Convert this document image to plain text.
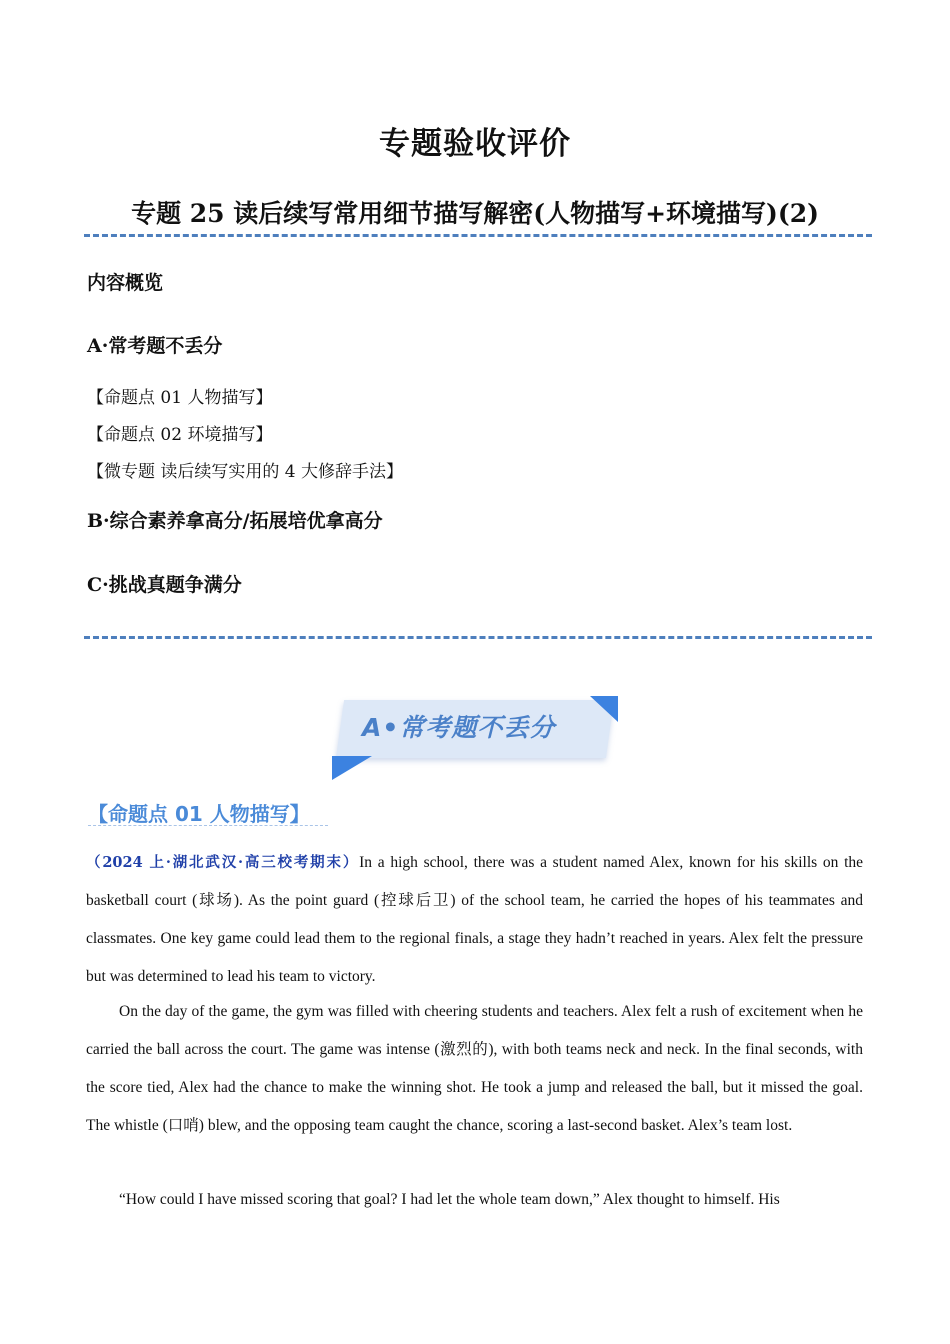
专题验收评价
专题 25 读后续写常用细节描写解密(人物描写+环境描写)(2)
内容概览
A·常考题不丢分
【命题点 01 人物描写】
【命题点 02 环境描写】
【微专题 读后续写实用的 4 大修辞手法】
B·综合素养拿高分/拓展培优拿高分
C·挑战真题争满分
A•常考题不丢分
【命题点 01 人物描写】
（2024 上·湖北武汉·高三校考期末）In a high school, there was a student named Alex, known for his skills on the basketball court (球场). As the point guard (控球后卫) of the school team, he carried the hopes of his teammates and classmates. One key game could lead them to the regional finals, a stage they hadn’t reached in years. Alex felt the pressure but was determined to lead his team to victory.
On the day of the game, the gym was filled with cheering students and teachers. Alex felt a rush of excitement when he carried the ball across the court. The game was intense (激烈的), with both teams neck and neck. In the final seconds, with the score tied, Alex had the chance to make the winning shot. He took a jump and released the ball, but it missed the goal. The whistle (口哨) blew, and the opposing team caught the chance, scoring a last-second basket. Alex’s team lost.
“How could I have missed scoring that goal? I had let the whole team down,” Alex thought to himself. His
